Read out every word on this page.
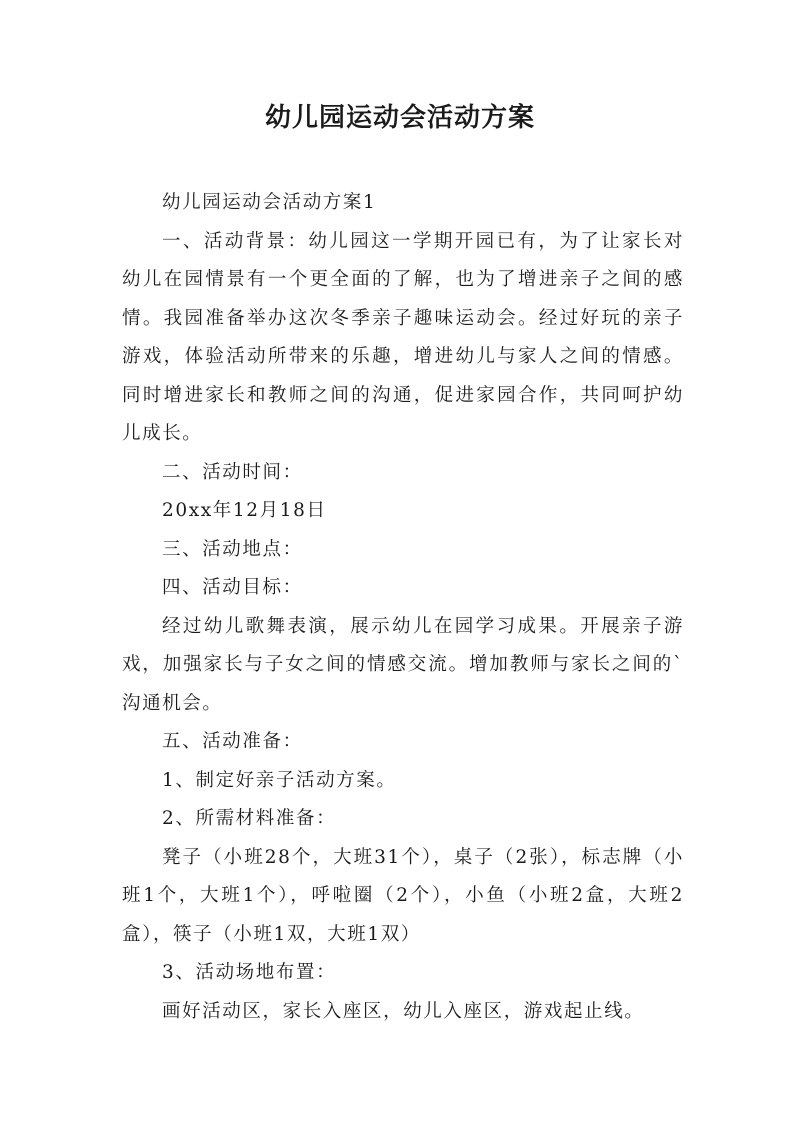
幼儿园运动会活动方案

幼儿园运动会活动方案1

一、活动背景：幼儿园这一学期开园已有，为了让家长对幼儿在园情景有一个更全面的了解，也为了增进亲子之间的感情。我园准备举办这次冬季亲子趣味运动会。经过好玩的亲子游戏，体验活动所带来的乐趣，增进幼儿与家人之间的情感。同时增进家长和教师之间的沟通，促进家园合作，共同呵护幼儿成长。

二、活动时间：

20xx年12月18日

三、活动地点：

四、活动目标：

经过幼儿歌舞表演，展示幼儿在园学习成果。开展亲子游戏，加强家长与子女之间的情感交流。增加教师与家长之间的`沟通机会。

五、活动准备：

1、制定好亲子活动方案。

2、所需材料准备：

凳子（小班28个，大班31个），桌子（2张），标志牌（小班1个，大班1个），呼啦圈（2个），小鱼（小班2盒，大班2盒），筷子（小班1双，大班1双）

3、活动场地布置：

画好活动区，家长入座区，幼儿入座区，游戏起止线。
